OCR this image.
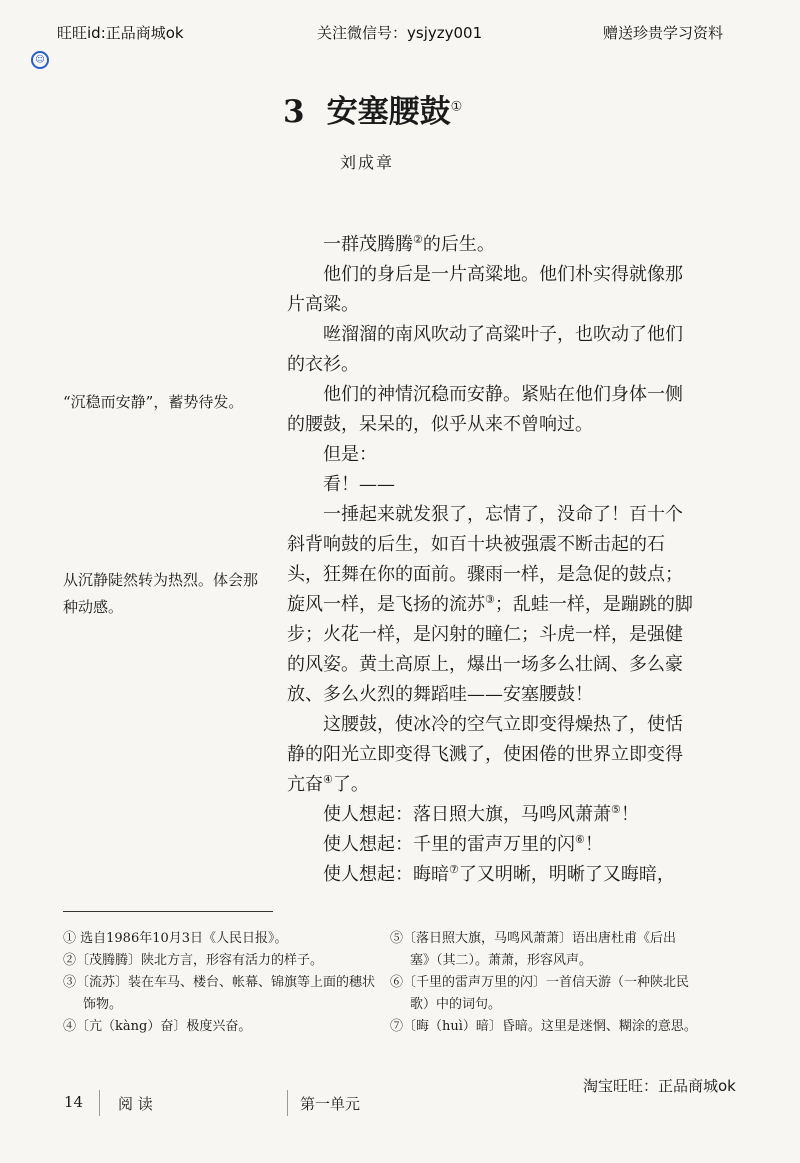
旺旺id:正品商城ok	关注微信号：ysjyzy001	赠送珍贵学习资料
☺
3 安塞腰鼓①
刘成章
“沉稳而安静”，蓄势待发。
从沉静陡然转为热烈。体会那种动感。

一群茂腾腾②的后生。

他们的身后是一片高粱地。他们朴实得就像那片高粱。

咝溜溜的南风吹动了高粱叶子，也吹动了他们的衣衫。

他们的神情沉稳而安静。紧贴在他们身体一侧的腰鼓，呆呆的，似乎从来不曾响过。

但是：

看！——

一捶起来就发狠了，忘情了，没命了！百十个斜背响鼓的后生，如百十块被强震不断击起的石头，狂舞在你的面前。骤雨一样，是急促的鼓点；旋风一样，是飞扬的流苏③；乱蛙一样，是蹦跳的脚步；火花一样，是闪射的瞳仁；斗虎一样，是强健的风姿。黄土高原上，爆出一场多么壮阔、多么豪放、多么火烈的舞蹈哇——安塞腰鼓！

这腰鼓，使冰冷的空气立即变得燥热了，使恬静的阳光立即变得飞溅了，使困倦的世界立即变得亢奋④了。

使人想起：落日照大旗，马鸣风萧萧⑤！

使人想起：千里的雷声万里的闪⑥！

使人想起：晦暗⑦了又明晰，明晰了又晦暗，

① 选自1986年10月3日《人民日报》。
②〔茂腾腾〕陕北方言，形容有活力的样子。
③〔流苏〕装在车马、楼台、帐幕、锦旗等上面的穗状饰物。
④〔亢（kàng）奋〕极度兴奋。
⑤〔落日照大旗，马鸣风萧萧〕语出唐杜甫《后出塞》（其二）。萧萧，形容风声。
⑥〔千里的雷声万里的闪〕一首信天游（一种陕北民歌）中的词句。
⑦〔晦（huì）暗〕昏暗。这里是迷惘、糊涂的意思。
淘宝旺旺：正品商城ok
14 阅 读	第一单元
